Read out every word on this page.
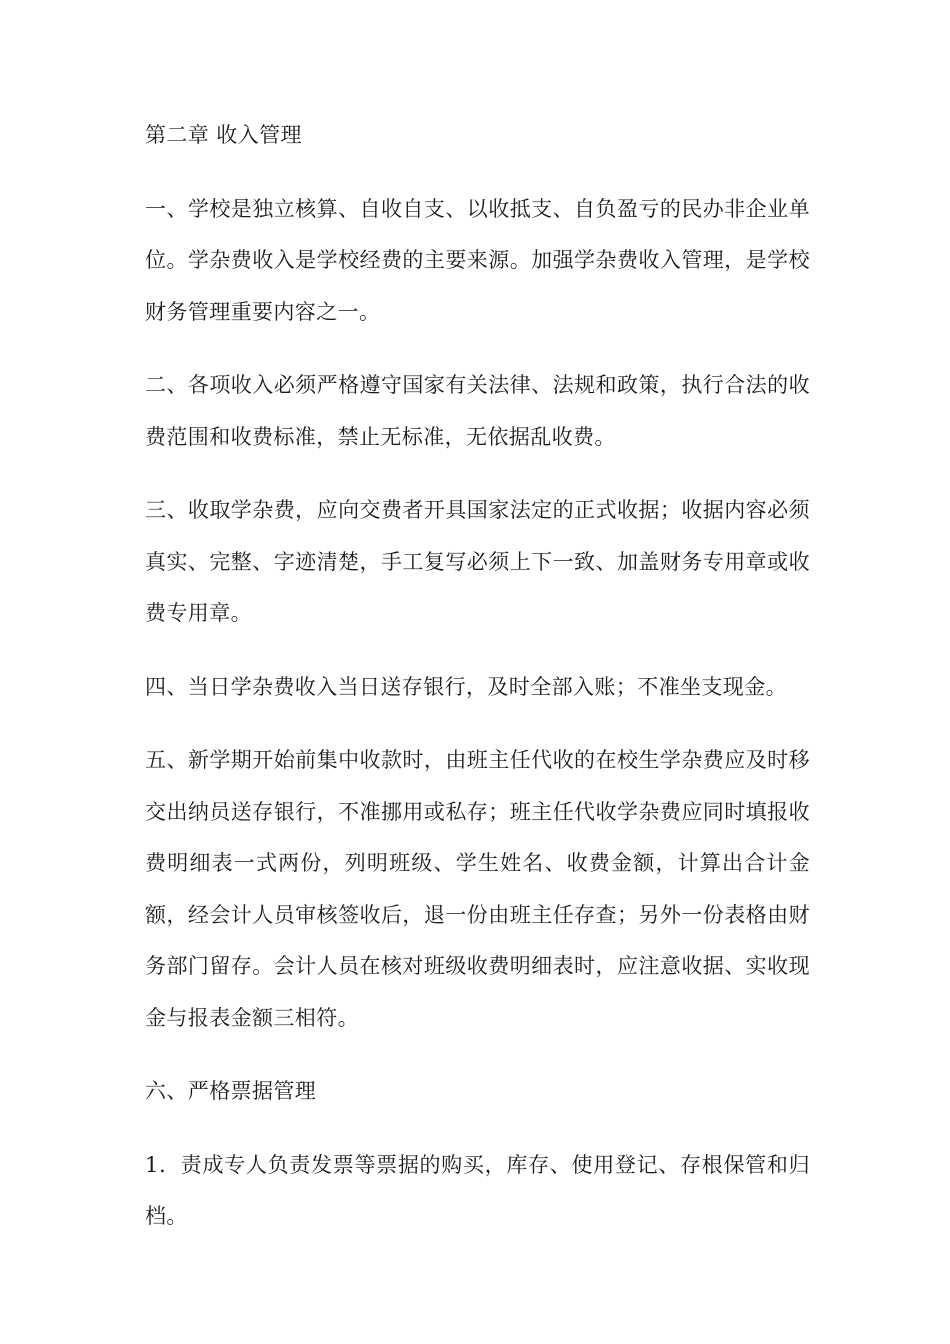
第二章 收入管理

一、学校是独立核算、自收自支、以收抵支、自负盈亏的民办非企业单位。学杂费收入是学校经费的主要来源。加强学杂费收入管理，是学校财务管理重要内容之一。

二、各项收入必须严格遵守国家有关法律、法规和政策，执行合法的收费范围和收费标准，禁止无标准，无依据乱收费。

三、收取学杂费，应向交费者开具国家法定的正式收据；收据内容必须真实、完整、字迹清楚，手工复写必须上下一致、加盖财务专用章或收费专用章。

四、当日学杂费收入当日送存银行，及时全部入账；不准坐支现金。

五、新学期开始前集中收款时，由班主任代收的在校生学杂费应及时移交出纳员送存银行，不准挪用或私存；班主任代收学杂费应同时填报收费明细表一式两份，列明班级、学生姓名、收费金额，计算出合计金额，经会计人员审核签收后，退一份由班主任存查；另外一份表格由财务部门留存。会计人员在核对班级收费明细表时，应注意收据、实收现金与报表金额三相符。

六、严格票据管理

1．责成专人负责发票等票据的购买，库存、使用登记、存根保管和归档。
